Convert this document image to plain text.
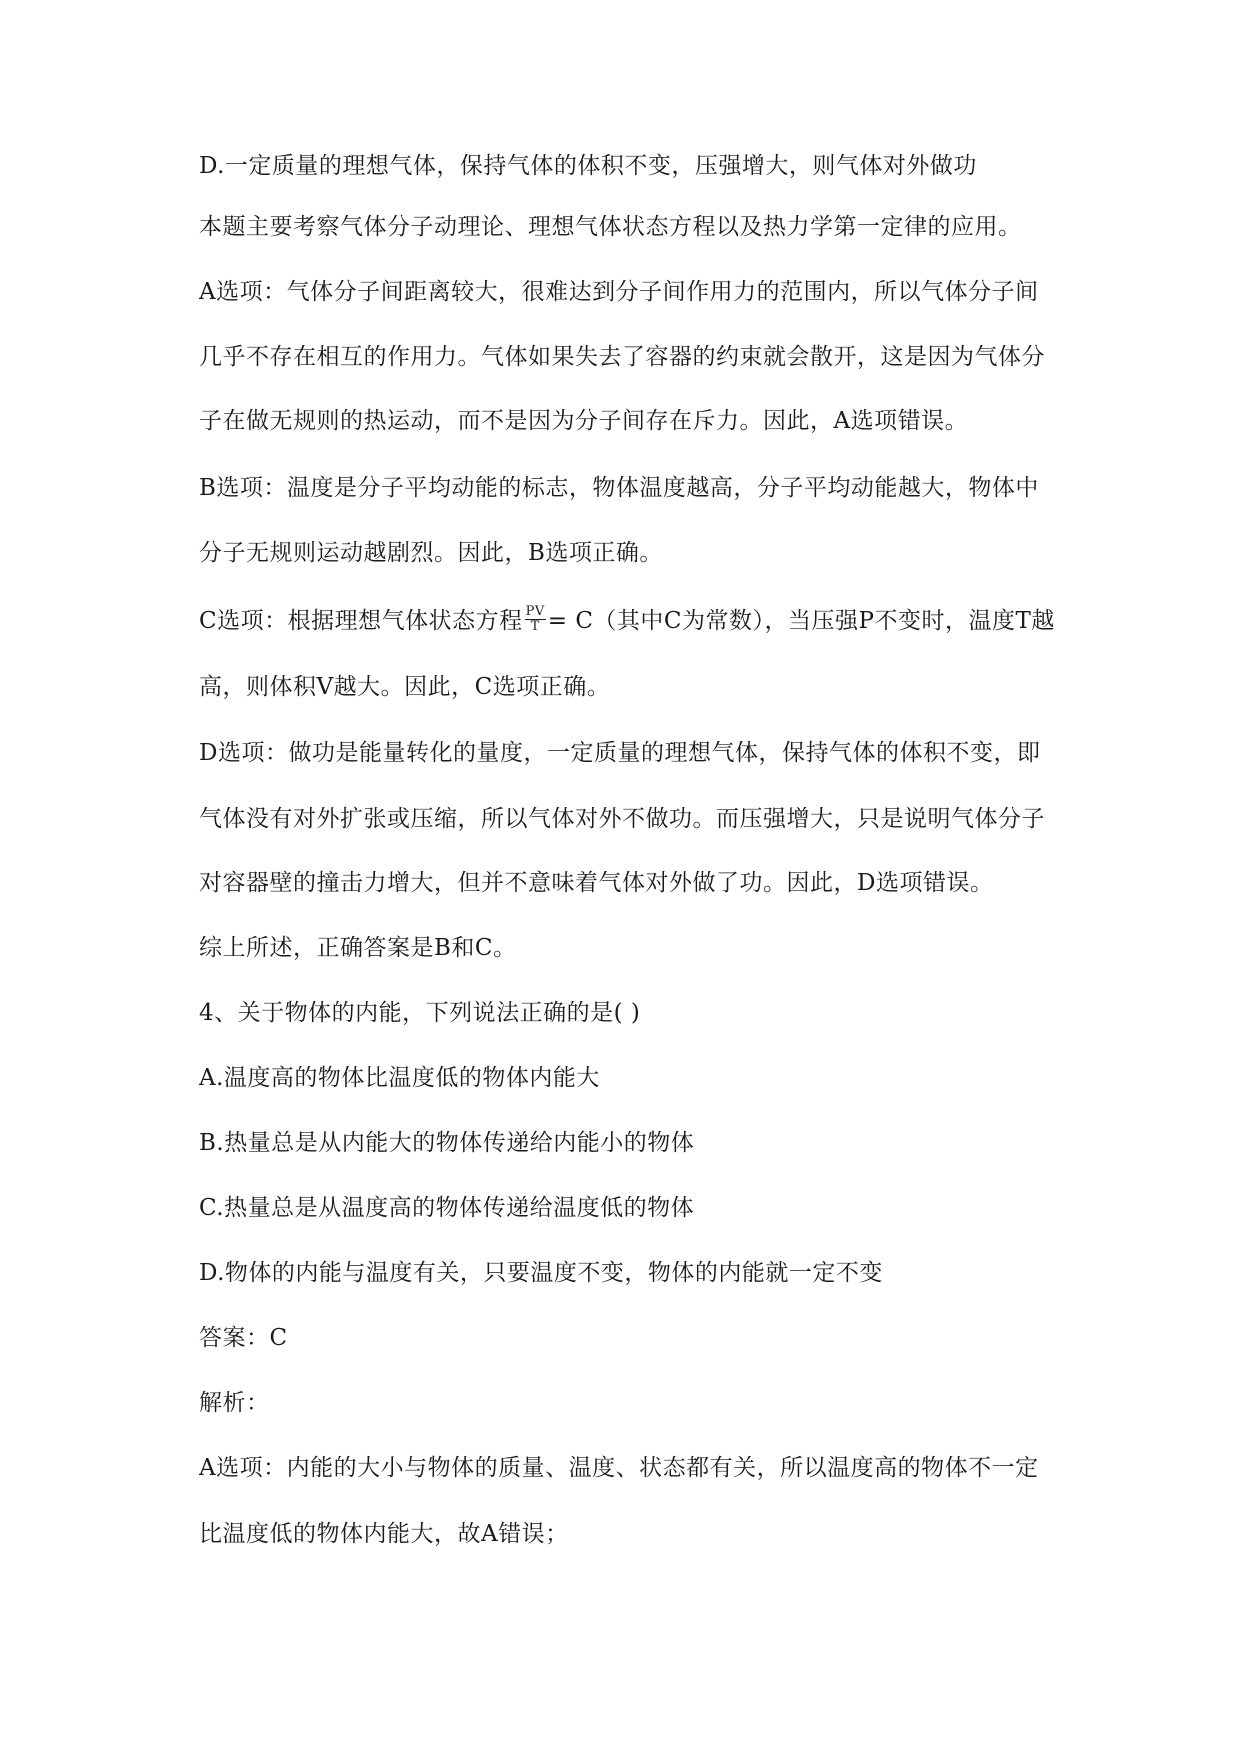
D.一定质量的理想气体，保持气体的体积不变，压强增大，则气体对外做功
本题主要考察气体分子动理论、理想气体状态方程以及热力学第一定律的应用。
A选项：气体分子间距离较大，很难达到分子间作用力的范围内，所以气体分子间
几乎不存在相互的作用力。气体如果失去了容器的约束就会散开，这是因为气体分
子在做无规则的热运动，而不是因为分子间存在斥力。因此，A选项错误。
B选项：温度是分子平均动能的标志，物体温度越高，分子平均动能越大，物体中
分子无规则运动越剧烈。因此，B选项正确。
C选项：根据理想气体状态方程 $\frac{PV}{T} = C$（其中C为常数），当压强P不变时，温度T越
高，则体积V越大。因此，C选项正确。
D选项：做功是能量转化的量度，一定质量的理想气体，保持气体的体积不变，即
气体没有对外扩张或压缩，所以气体对外不做功。而压强增大，只是说明气体分子
对容器壁的撞击力增大，但并不意味着气体对外做了功。因此，D选项错误。
综上所述，正确答案是B和C。
4、关于物体的内能，下列说法正确的是( )
A.温度高的物体比温度低的物体内能大
B.热量总是从内能大的物体传递给内能小的物体
C.热量总是从温度高的物体传递给温度低的物体
D.物体的内能与温度有关，只要温度不变，物体的内能就一定不变
答案：C
解析：
A选项：内能的大小与物体的质量、温度、状态都有关，所以温度高的物体不一定
比温度低的物体内能大，故A错误；
